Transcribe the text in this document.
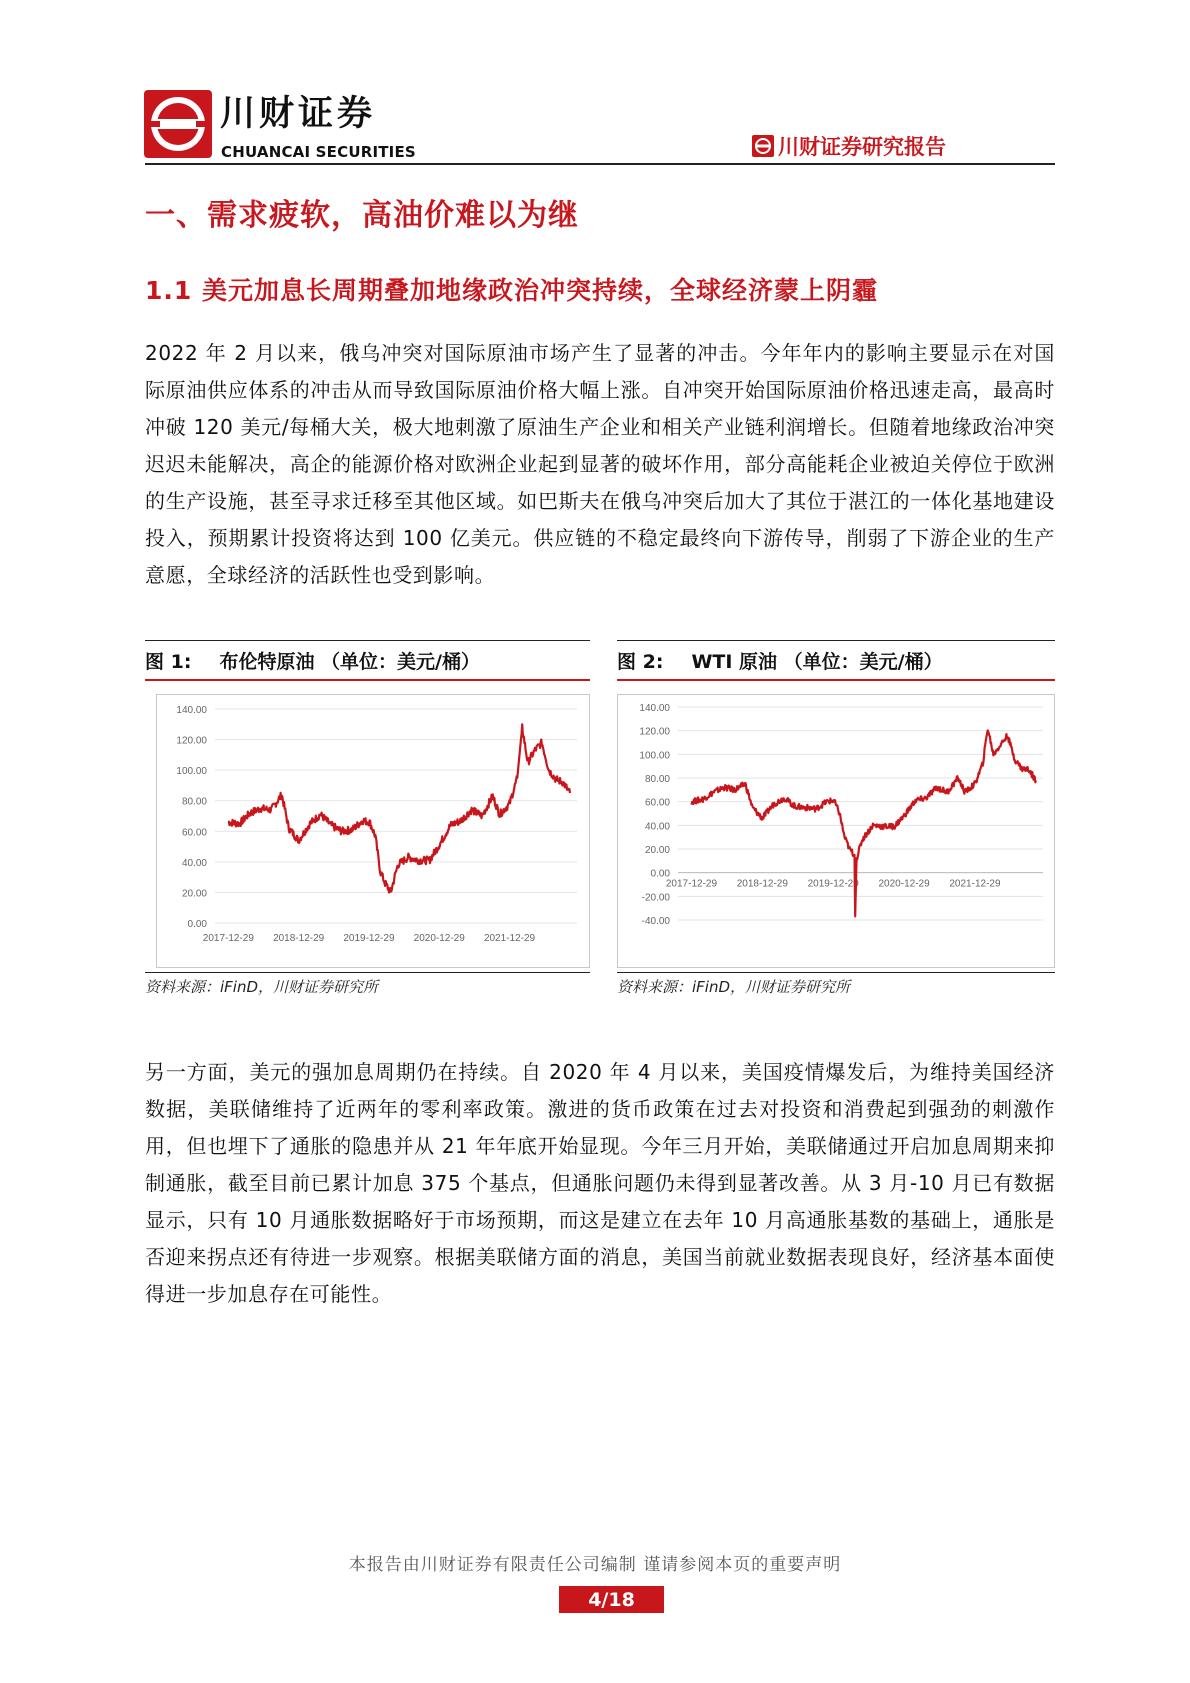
川财证券
CHUANCAI SECURITIES	川财证券研究报告
一、需求疲软，高油价难以为继
1.1 美元加息长周期叠加地缘政治冲突持续，全球经济蒙上阴霾

2022 年 2 月以来，俄乌冲突对国际原油市场产生了显著的冲击。今年年内的影响主要显示在对国际原油供应体系的冲击从而导致国际原油价格大幅上涨。自冲突开始国际原油价格迅速走高，最高时冲破 120 美元/每桶大关，极大地刺激了原油生产企业和相关产业链利润增长。但随着地缘政治冲突迟迟未能解决，高企的能源价格对欧洲企业起到显著的破坏作用，部分高能耗企业被迫关停位于欧洲的生产设施，甚至寻求迁移至其他区域。如巴斯夫在俄乌冲突后加大了其位于湛江的一体化基地建设投入，预期累计投资将达到 100 亿美元。供应链的不稳定最终向下游传导，削弱了下游企业的生产意愿，全球经济的活跃性也受到影响。

图 1: 布伦特原油 （单位：美元/桶）
0.00
20.00
40.00
60.00
80.00
100.00
120.00
140.00
2017-12-29 2018-12-29 2019-12-29 2020-12-29 2021-12-29
资料来源：iFinD，川财证券研究所
图 2: WTI 原油 （单位：美元/桶）
-40.00
-20.00
0.00
20.00
40.00
60.00
80.00
100.00
120.00
140.00
2017-12-29 2018-12-29 2019-12-29 2020-12-29 2021-12-29
资料来源：iFinD，川财证券研究所

另一方面，美元的强加息周期仍在持续。自 2020 年 4 月以来，美国疫情爆发后，为维持美国经济数据，美联储维持了近两年的零利率政策。激进的货币政策在过去对投资和消费起到强劲的刺激作用，但也埋下了通胀的隐患并从 21 年年底开始显现。今年三月开始，美联储通过开启加息周期来抑制通胀，截至目前已累计加息 375 个基点，但通胀问题仍未得到显著改善。从 3 月-10 月已有数据显示，只有 10 月通胀数据略好于市场预期，而这是建立在去年 10 月高通胀基数的基础上，通胀是否迎来拐点还有待进一步观察。根据美联储方面的消息，美国当前就业数据表现良好，经济基本面使得进一步加息存在可能性。

本报告由川财证券有限责任公司编制 谨请参阅本页的重要声明
4/18
